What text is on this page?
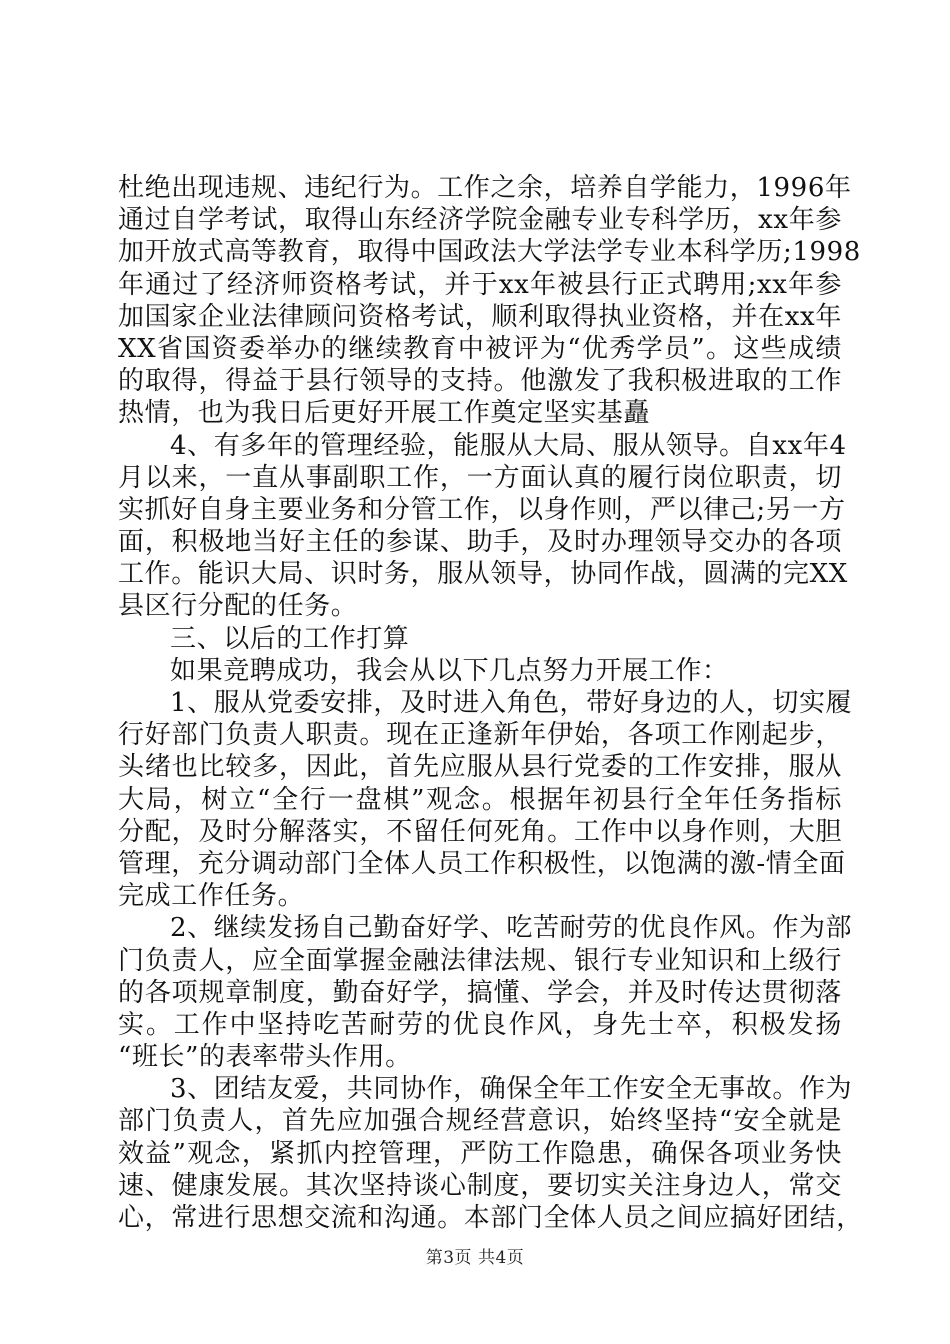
杜绝出现违规、违纪行为。工作之余，培养自学能力，1996年
通过自学考试，取得山东经济学院金融专业专科学历，xx年参
加开放式高等教育，取得中国政法大学法学专业本科学历;1998
年通过了经济师资格考试，并于xx年被县行正式聘用;xx年参
加国家企业法律顾问资格考试，顺利取得执业资格，并在xx年
XX省国资委举办的继续教育中被评为“优秀学员”。这些成绩
的取得，得益于县行领导的支持。他激发了我积极进取的工作
热情，也为我日后更好开展工作奠定坚实基矗
4、有多年的管理经验，能服从大局、服从领导。自xx年4
月以来，一直从事副职工作，一方面认真的履行岗位职责，切
实抓好自身主要业务和分管工作，以身作则，严以律己;另一方
面，积极地当好主任的参谋、助手，及时办理领导交办的各项
工作。能识大局、识时务，服从领导，协同作战，圆满的完XX
县区行分配的任务。
三、以后的工作打算
如果竞聘成功，我会从以下几点努力开展工作：
1、服从党委安排，及时进入角色，带好身边的人，切实履
行好部门负责人职责。现在正逢新年伊始，各项工作刚起步，
头绪也比较多，因此，首先应服从县行党委的工作安排，服从
大局，树立“全行一盘棋”观念。根据年初县行全年任务指标
分配，及时分解落实，不留任何死角。工作中以身作则，大胆
管理，充分调动部门全体人员工作积极性，以饱满的激-情全面
完成工作任务。
2、继续发扬自己勤奋好学、吃苦耐劳的优良作风。作为部
门负责人，应全面掌握金融法律法规、银行专业知识和上级行
的各项规章制度，勤奋好学，搞懂、学会，并及时传达贯彻落
实。工作中坚持吃苦耐劳的优良作风，身先士卒，积极发扬
“班长”的表率带头作用。
3、团结友爱，共同协作，确保全年工作安全无事故。作为
部门负责人，首先应加强合规经营意识，始终坚持“安全就是
效益”观念，紧抓内控管理，严防工作隐患，确保各项业务快
速、健康发展。其次坚持谈心制度，要切实关注身边人，常交
心，常进行思想交流和沟通。本部门全体人员之间应搞好团结，
第3页 共4页
